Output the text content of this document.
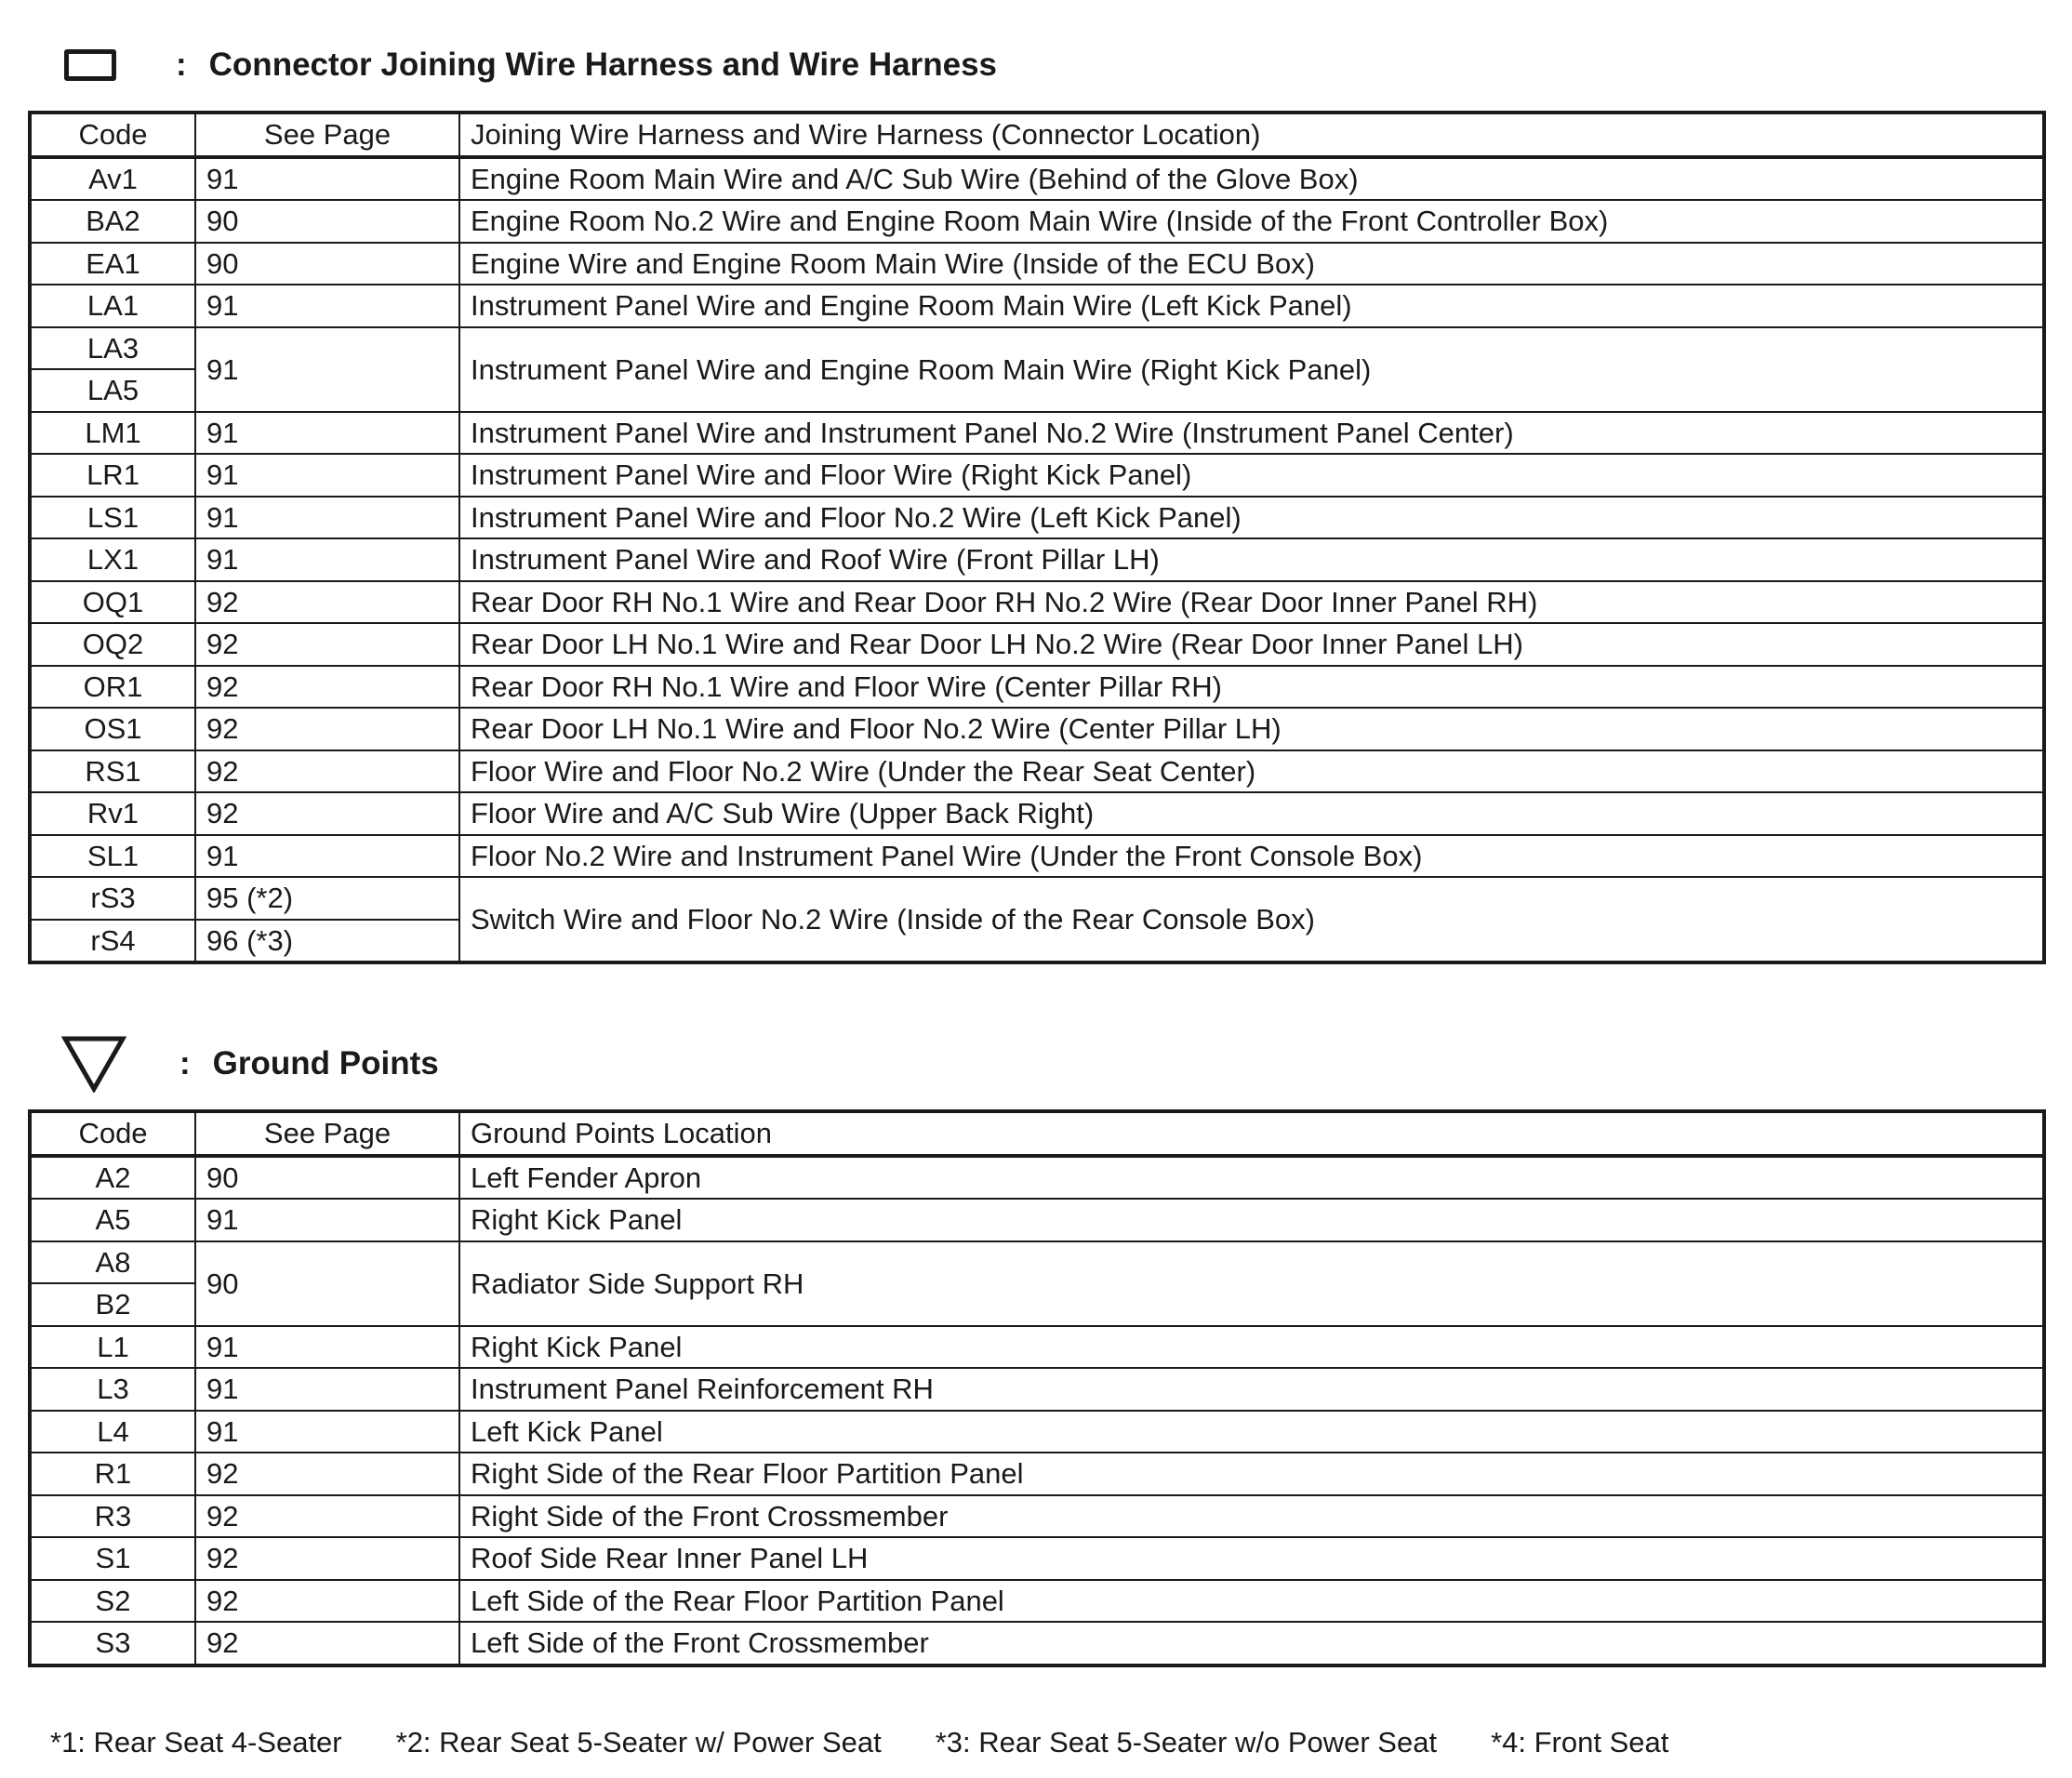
: Connector Joining Wire Harness and Wire Harness
Code	See Page	Joining Wire Harness and Wire Harness (Connector Location)
Av1	91	Engine Room Main Wire and A/C Sub Wire (Behind of the Glove Box)
BA2	90	Engine Room No.2 Wire and Engine Room Main Wire (Inside of the Front Controller Box)
EA1	90	Engine Wire and Engine Room Main Wire (Inside of the ECU Box)
LA1	91	Instrument Panel Wire and Engine Room Main Wire (Left Kick Panel)
LA3	91	Instrument Panel Wire and Engine Room Main Wire (Right Kick Panel)
LA5		
LM1	91	Instrument Panel Wire and Instrument Panel No.2 Wire (Instrument Panel Center)
LR1	91	Instrument Panel Wire and Floor Wire (Right Kick Panel)
LS1	91	Instrument Panel Wire and Floor No.2 Wire (Left Kick Panel)
LX1	91	Instrument Panel Wire and Roof Wire (Front Pillar LH)
OQ1	92	Rear Door RH No.1 Wire and Rear Door RH No.2 Wire (Rear Door Inner Panel RH)
OQ2	92	Rear Door LH No.1 Wire and Rear Door LH No.2 Wire (Rear Door Inner Panel LH)
OR1	92	Rear Door RH No.1 Wire and Floor Wire (Center Pillar RH)
OS1	92	Rear Door LH No.1 Wire and Floor No.2 Wire (Center Pillar LH)
RS1	92	Floor Wire and Floor No.2 Wire (Under the Rear Seat Center)
Rv1	92	Floor Wire and A/C Sub Wire (Upper Back Right)
SL1	91	Floor No.2 Wire and Instrument Panel Wire (Under the Front Console Box)
rS3	95 (*2)	Switch Wire and Floor No.2 Wire (Inside of the Rear Console Box)
rS4	96 (*3)	
: Ground Points
Code	See Page	Ground Points Location
A2	90	Left Fender Apron
A5	91	Right Kick Panel
A8	90	Radiator Side Support RH
B2		
L1	91	Right Kick Panel
L3	91	Instrument Panel Reinforcement RH
L4	91	Left Kick Panel
R1	92	Right Side of the Rear Floor Partition Panel
R3	92	Right Side of the Front Crossmember
S1	92	Roof Side Rear Inner Panel LH
S2	92	Left Side of the Rear Floor Partition Panel
S3	92	Left Side of the Front Crossmember
*1: Rear Seat 4-Seater *2: Rear Seat 5-Seater w/ Power Seat *3: Rear Seat 5-Seater w/o Power Seat *4: Front Seat
